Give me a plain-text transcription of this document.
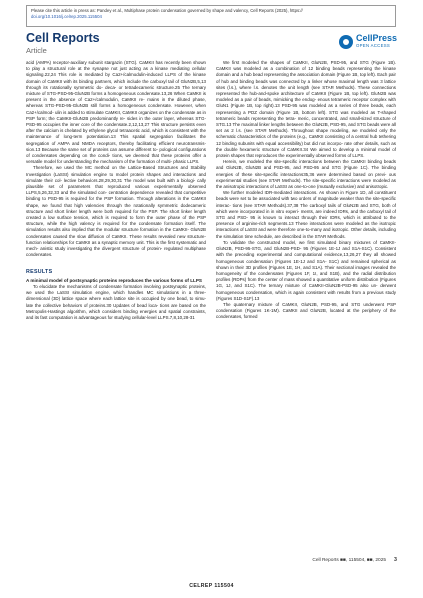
Please cite this article in press as: Pandey et al., Multiphase protein condensation governed by shape and valency, Cell Reports (2025), https://
doi.org/10.1016/j.celrep.2025.115504
Cell Reports
Article
CellPress
OPEN ACCESS

acid (AMPA) receptor-auxiliary subunit stargazin (STG). CaMKII has recently been shown to play a structural role at the synapse not just acting as a kinase mediating cellular signaling.22,24 This role is mediated by Ca2+/calmodulin-induced LLPS of the kinase domain of CaMKII with its binding partners, which include the carboxyl tail of GluN2B,5,13 through its rotationally symmetric do- deca- or tetradecameric structure.25 The ternary mixture of STG-PSD-95-GluN2B forms a homogeneous condensate.13,26 When CaMKII is present in the absence of Ca2+/calmodulin, CaMKII re- mains in the diluted phase, whereas STG-PSD-95-GluN2B still forms a homogeneous condensate. However, when Ca2+/calmod- ulin is added to stimulate CaMKII, CaMKII organizes on the condensate as in PSP form; the CaMKII-GluN2B predominantly re- sides in the outer layer, whereas STG-PSD-95 occupies the inner core of the condensate.2,12,13,27 This structure persists even after the calcium is chelated by ethylene glycol tetraacetic acid, which is consistent with the maintenance of long-term potentiation.13 This spatial segregation facilitates the segregation of AMPA and NMDA receptors, thereby facilitating efficient neurotransmis- sion.13 Because the same set of proteins can assume different to- pological configurations of condensates depending on the condi- tions, we deemed that these proteins offer a versatile model for understanding the mechanism of the formation of multi- phasic LLPS.

Therefore, we used the MC method on the Lattice-Based Structures and Stability Investigation (LaSSI) simulation engine to model protein shapes and interactions and simulate their col- lective behaviors.28,29,30,31 The model was built with a biologi- cally plausible set of parameters that reproduced various experimentally observed LLPS,5,26,32,33 and the simulated con- centration dependence revealed that competitive binding to PSD-95 is required for the PSP formation. Through alterations in the CaMKII shape, we found that high valencies through the rotationally symmetric dodecameric structure and short linker length were both required for the PSP. The short linker length created a low surface tension, which is required to form the outer phase of the PSP structure, while the high valency is required for the condensate formation itself. The simulation results also implied that the modular structure formation in the CaMKII- GluN2B condensates caused the slow diffusion of CaMKII. These results revealed new structure-function relationships for CaMKII as a synaptic memory unit. This is the first systematic and mech- anistic study investigating the divergent structure of protein- regulated multiphase condensates.

RESULTS
A minimal model of postsynaptic proteins reproduces the various forms of LLPS

To elucidate the mechanisms of condensate formation involving postsynaptic proteins, we used the LaSSI simulation engine, which handles MC simulations in a three-dimensional (3D) lattice space where each lattice site is occupied by one bead, to simu- late the collective behaviors of proteins.30 Updates of bead loca- tions are based on the Metropolis-Hastings algorithm, which considers binding energies and spatial constraints, and its fast computation is advantageous for studying cellular-level LLPS.7,8,10,28-31

We first modeled the shapes of CaMKII, GluN2B, PSD-95, and STG (Figure 1B). CaMKII was modeled as a combination of 12 binding beads representing the kinase domain and a hub bead representing the association domain (Figure 1B, top left). Each pair of hub and binding beads was connected by a linker whose maximal length was 3 lattice sites (l.s.), where l.s. denotes the unit length (see STAR Methods). These connections represented the hub-and-spoke architecture of CaMKII (Figure 1B, top left). GluN2B was modeled as a pair of beads, mimicking the endog- enous tetrameric receptor complex with GluN1 (Figure 1B, top right).13 PSD-95 was modeled as a series of three beads, each representing a PDZ domain (Figure 1B, bottom left). STG was modeled as T-shaped tetrameric beads representing the tetra- meric, concentrated, and small-sized structure of STG.13 The maximal linker lengths between the GluN2B, PSD-95, and STG beads were all set as 2 l.s. (see STAR Methods). Throughout shape modeling, we modeled only the schematic characteristics of the proteins (e.g., CaMKII consisting of a central hub tethering 12 binding subunits with equal accessibility) but did not incorpo- rate other details, such as the double hexameric structure of CaMKII.34 We aimed to develop a minimal model of protein shapes that reproduces the experimentally observed forms of LLPS.

Herein, we modeled the site-specific interactions between the CaMKII binding beads and GluN2B, GluN2B and PSD-95, and PSD-95 and STG (Figure 1C). The binding energies of these site-specific interactions35,36 were determined based on previ- ous experimental studies (see STAR Methods). The site-specific interactions were modeled as the anisotropic interactions of LaSSI as one-to-one (mutually exclusive) and anisotropic.

We further modeled IDR-mediated interactions. As shown in Figure 1D, all constituent beads were set to be associated with two orders of magnitude weaker than the site-specific interac- tions (see STAR Methods).37,38 The carboxyl tails of GluN2B and STG, both of which were incorporated in in vitro experi- ments, are indeed IDRs, and the carboxyl tail of STG and PSD- 95 is known to interact through their IDRs, which is attributed to the presence of arginine-rich segments.13 These interactions were modeled as the isotropic interactions of LaSSI and were therefore one-to-many and isotropic. Other details, including the simulation time schedule, are described in the STAR Methods.

To validate the constructed model, we first simulated binary mixtures of CaMKII-GluN2B, PSD-95-STG, and GluN2B-PSD- 95 (Figures 1E-1J and S1A-S1C). Consistent with the preceding experimental and computational evidence,13,26,27 they all showed homogeneous condensation (Figures 1E-1J and S1A- S1C) and remained spherical as shown in their 3D profiles (Figures 1E, 1H, and S1A). Their sectional images revealed the homogeneity of the condensates (Figures 1F, 1I, and S1B), and the radial distribution profiles (RDPs) from the center of mass showed a quantitative uniform distribution (Figures 1G, 1J, and S1C). The ternary mixture of CaMKII-GluN2B-PSD-95 also un- derwent homogeneous condensation, which is again consistent with results from a previous study (Figures S1D-S1F).13

The quaternary mixture of CaMKII, GluN2B, PSD-95, and STG underwent PSP condensation (Figures 1K-1M). CaMKII and GluN2B, located at the periphery of the condensates, formed

Cell Reports ■■, 115504, ■■, 2025 3
CELREP 115504
